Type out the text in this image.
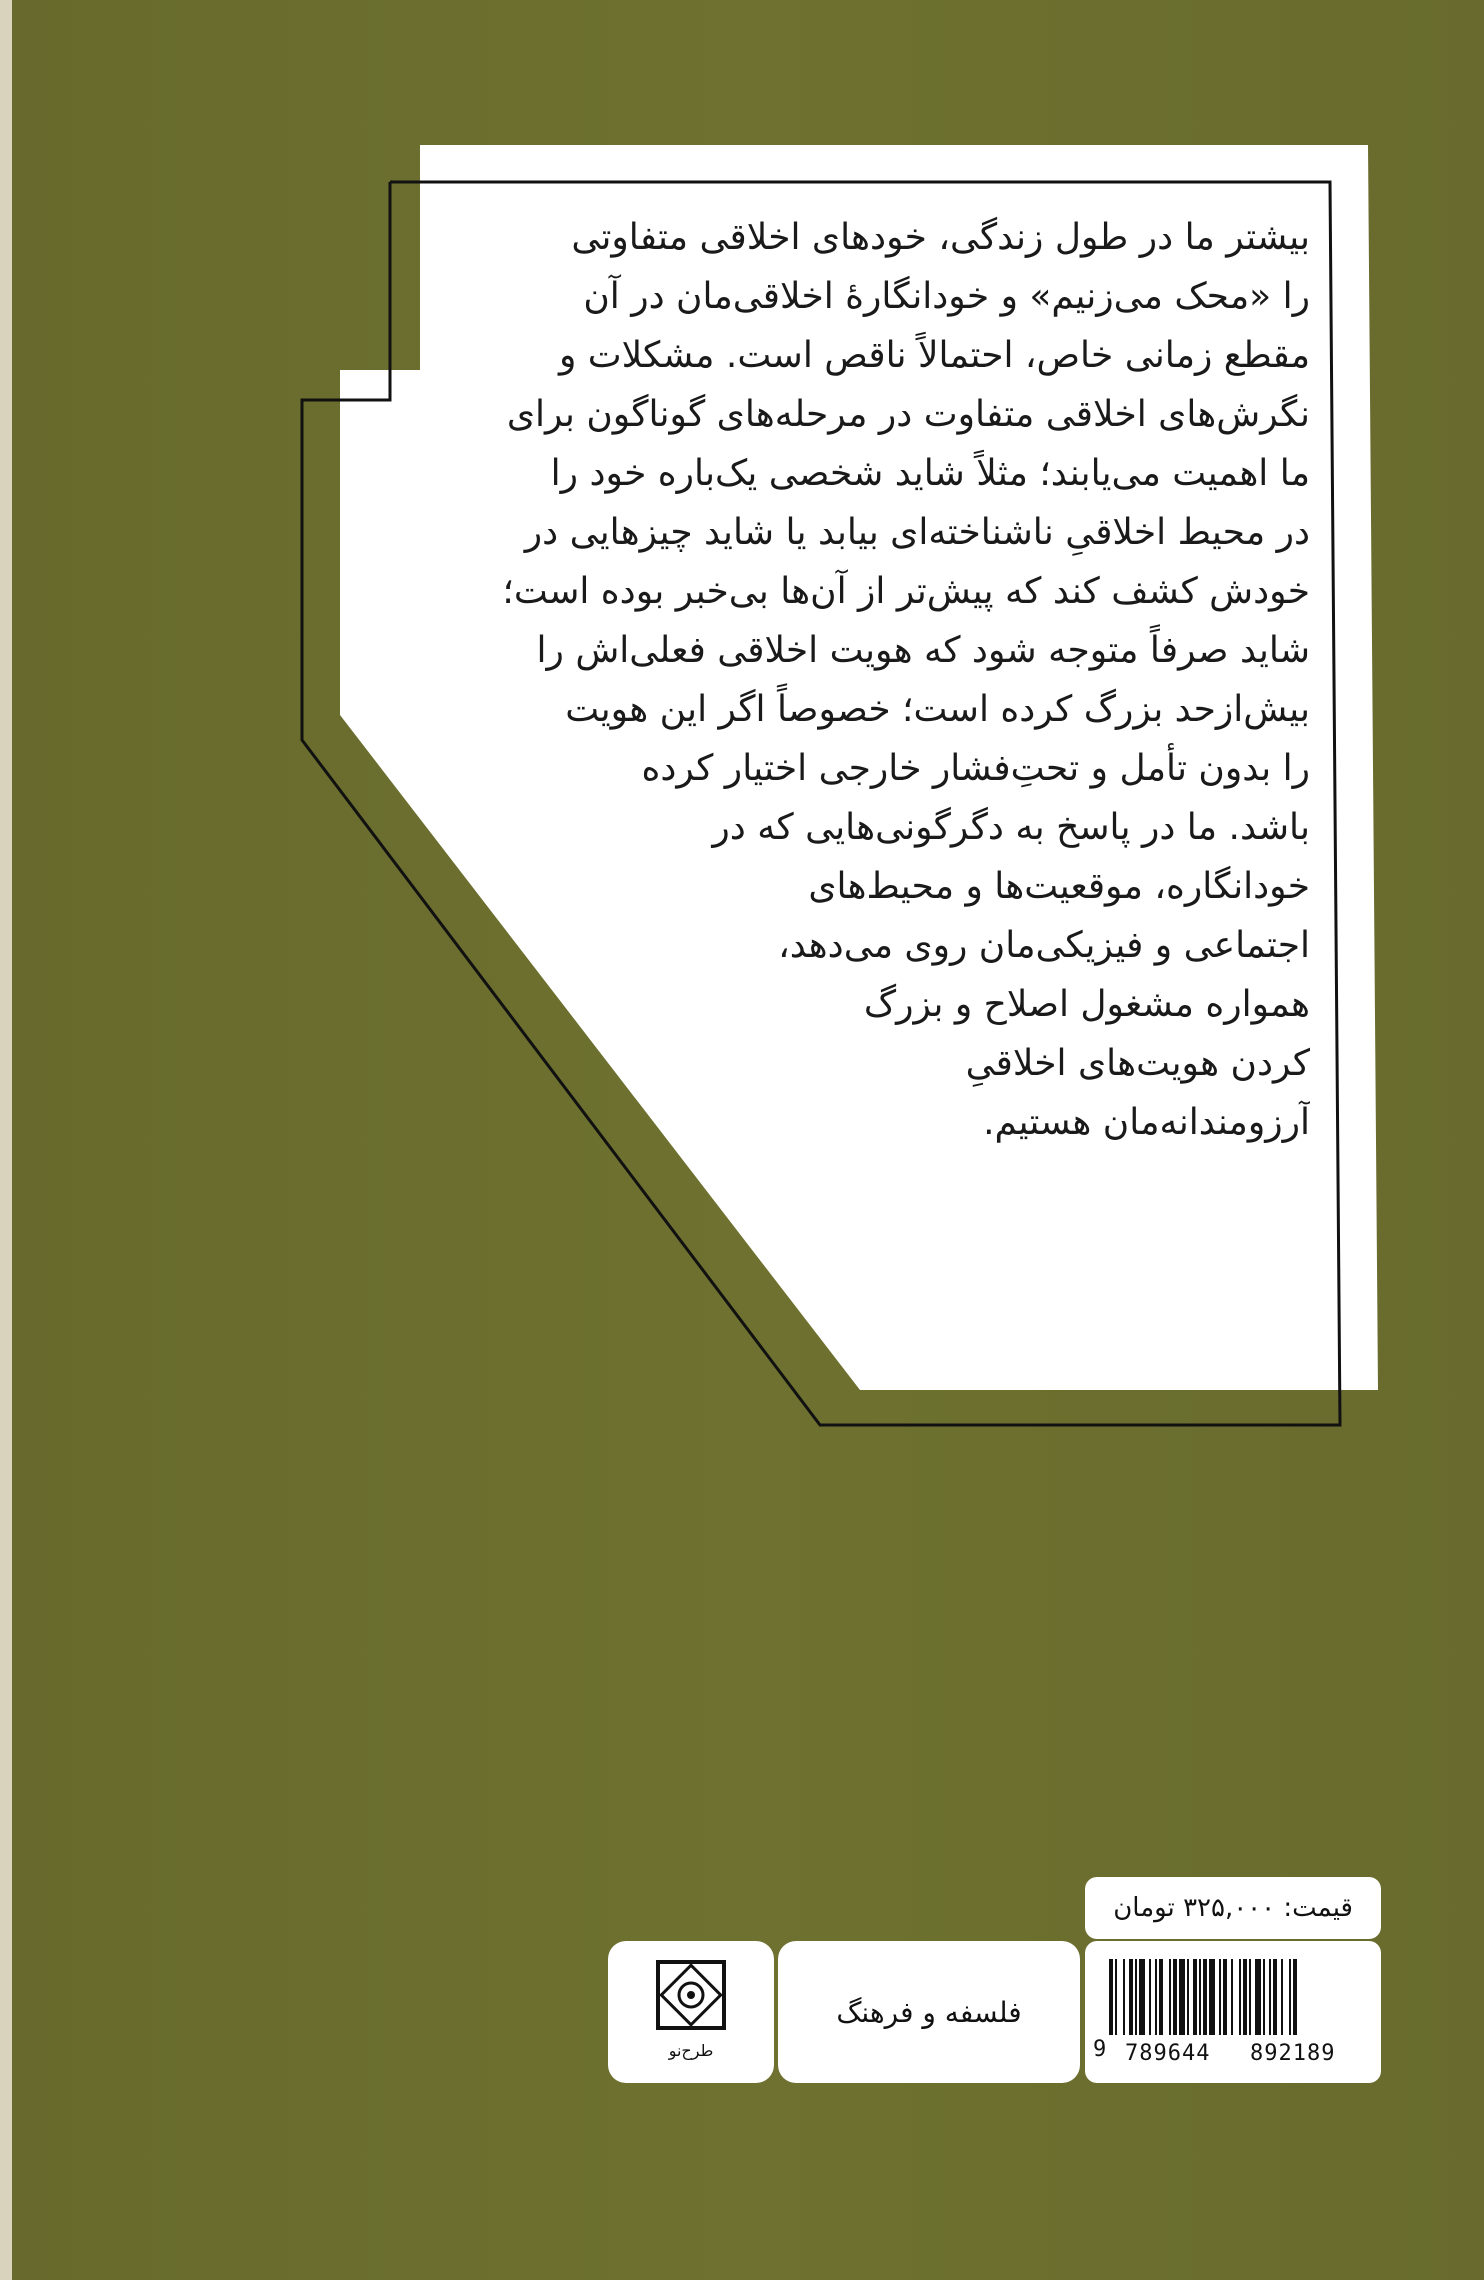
بیشتر ما در طول زندگی، خودهای اخلاقی متفاوتی
را «محک می‌زنیم» و خودانگارهٔ اخلاقی‌مان در آن
مقطع زمانی خاص، احتمالاً ناقص است. مشکلات و
نگرش‌های اخلاقی متفاوت در مرحله‌های گوناگون برای
ما اهمیت می‌یابند؛ مثلاً شاید شخصی یک‌باره خود را
در محیط اخلاقیِ ناشناخته‌ای بیابد یا شاید چیزهایی در
خودش کشف کند که پیش‌تر از آن‌ها بی‌خبر بوده است؛
شاید صرفاً متوجه شود که هویت اخلاقی فعلی‌اش را
بیش‌ازحد بزرگ کرده است؛ خصوصاً اگر این هویت
را بدون تأمل و تحتِ‌فشار خارجی اختیار کرده
باشد. ما در پاسخ به دگرگونی‌هایی که در
خودانگاره، موقعیت‌ها و محیط‌های
اجتماعی و فیزیکی‌مان روی می‌دهد،
همواره مشغول اصلاح و بزرگ
کردن هویت‌های اخلاقیِ
آرزومندانه‌مان هستیم.
قیمت: ۳۲۵,۰۰۰ تومان
طرح‌نو
فلسفه و فرهنگ
9 789644 892189
